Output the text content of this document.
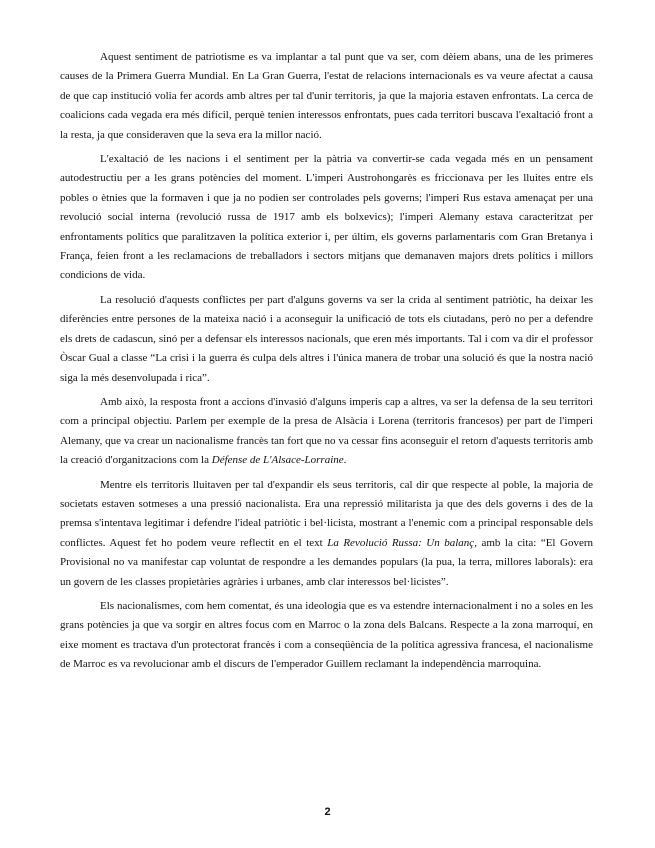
Aquest sentiment de patriotisme es va implantar a tal punt que va ser, com dèiem abans, una de les primeres causes de la Primera Guerra Mundial. En La Gran Guerra, l'estat de relacions internacionals es va veure afectat a causa de que cap institució volia fer acords amb altres per tal d'unir territoris, ja que la majoria estaven enfrontats. La cerca de coalicions cada vegada era més difícil, perquè tenien interessos enfrontats, pues cada territori buscava l'exaltació front a la resta, ja que consideraven que la seva era la millor nació.

L'exaltació de les nacions i el sentiment per la pàtria va convertir-se cada vegada més en un pensament autodestructiu per a les grans potències del moment. L'imperi Austrohongarès es friccionava per les lluites entre els pobles o ètnies que la formaven i que ja no podien ser controlades pels governs; l'imperi Rus estava amenaçat per una revolució social interna (revolució russa de 1917 amb els bolxevics); l'imperi Alemany estava caracteritzat per enfrontaments polítics que paralitzaven la política exterior i, per últim, els governs parlamentaris com Gran Bretanya i França, feien front a les reclamacions de treballadors i sectors mitjans que demanaven majors drets polítics i millors condicions de vida.

La resolució d'aquests conflictes per part d'alguns governs va ser la crida al sentiment patriòtic, ha deixar les diferències entre persones de la mateixa nació i a aconseguir la unificació de tots els ciutadans, però no per a defendre els drets de cadascun, sinó per a defensar els interessos nacionals, que eren més importants. Tal i com va dir el professor Òscar Gual a classe “La crisi i la guerra és culpa dels altres i l'única manera de trobar una solució és que la nostra nació siga la més desenvolupada i rica”.

Amb això, la resposta front a accions d'invasió d'alguns imperis cap a altres, va ser la defensa de la seu territori com a principal objectiu. Parlem per exemple de la presa de Alsàcia i Lorena (territoris francesos) per part de l'imperi Alemany, que va crear un nacionalisme francès tan fort que no va cessar fins aconseguir el retorn d'aquests territoris amb la creació d'organitzacions com la Défense de L'Alsace-Lorraine.

Mentre els territoris lluitaven per tal d'expandir els seus territoris, cal dir que respecte al poble, la majoria de societats estaven sotmeses a una pressió nacionalista. Era una repressió militarista ja que des dels governs i des de la premsa s'intentava legitimar i defendre l'ideal patriòtic i bel·licista, mostrant a l'enemic com a principal responsable dels conflictes. Aquest fet ho podem veure reflectit en el text La Revolució Russa: Un balanç, amb la cita: “El Govern Provisional no va manifestar cap voluntat de respondre a les demandes populars (la pua, la terra, millores laborals): era un govern de les classes propietàries agràries i urbanes, amb clar interessos bel·licistes”.

Els nacionalismes, com hem comentat, és una ideologia que es va estendre internacionalment i no a soles en les grans potències ja que va sorgir en altres focus com en Marroc o la zona dels Balcans. Respecte a la zona marroquí, en eixe moment es tractava d'un protectorat francès i com a conseqüència de la política agressiva francesa, el nacionalisme de Marroc es va revolucionar amb el discurs de l'emperador Guillem reclamant la independència marroquina.

2
